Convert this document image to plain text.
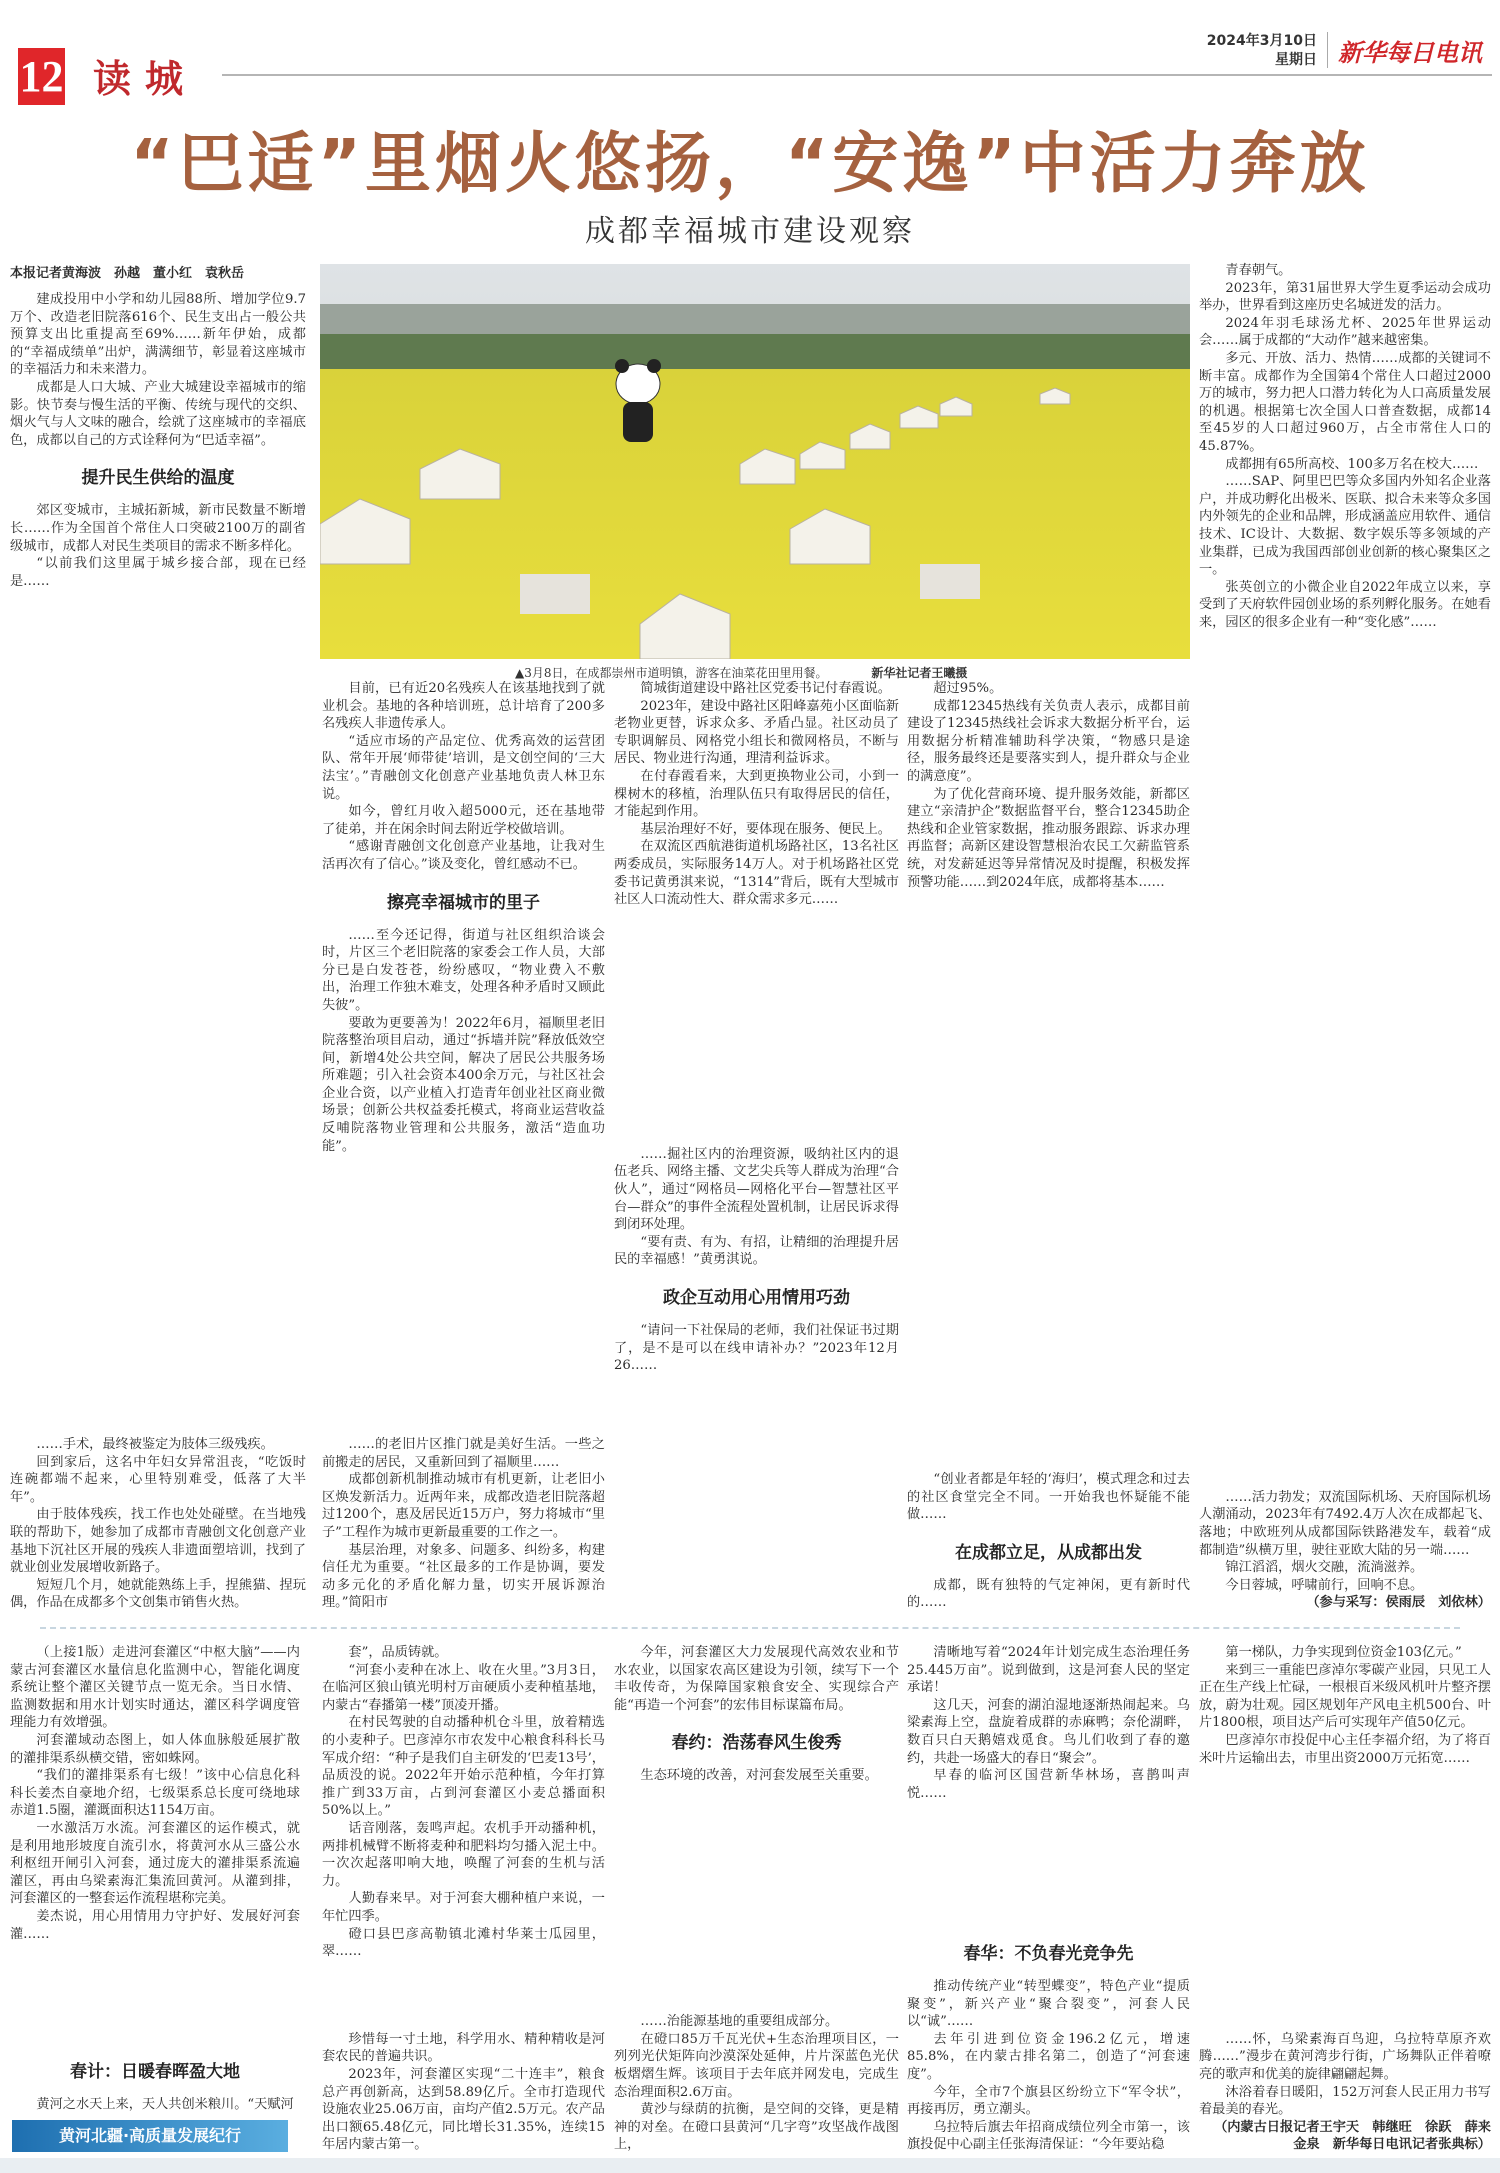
12 读城
2024年3月10日
星期日 新华每日电讯
“巴适”里烟火悠扬，“安逸”中活力奔放
成都幸福城市建设观察
▲3月8日，在成都崇州市道明镇，游客在油菜花田里用餐。	新华社记者王曦摄

本报记者黄海波　孙越　董小红　袁秋岳

建成投用中小学和幼儿园88所、增加学位9.7万个、改造老旧院落616个、民生支出占一般公共预算支出比重提高至69%……新年伊始，成都的“幸福成绩单”出炉，满满细节，彰显着这座城市的幸福活力和未来潜力。

成都是人口大城、产业大城建设幸福城市的缩影。快节奏与慢生活的平衡、传统与现代的交织、烟火气与人文味的融合，绘就了这座城市的幸福底色，成都以自己的方式诠释何为“巴适幸福”。

提升民生供给的温度

郊区变城市，主城拓新城，新市民数量不断增长……作为全国首个常住人口突破2100万的副省级城市，成都人对民生类项目的需求不断多样化。

“以前我们这里属于城乡接合部，现在已经是……

……手术，最终被鉴定为肢体三级残疾。

回到家后，这名中年妇女异常沮丧，“吃饭时连碗都端不起来，心里特别难受，低落了大半年”。

由于肢体残疾，找工作也处处碰壁。在当地残联的帮助下，她参加了成都市青融创文化创意产业基地下沉社区开展的残疾人非遗面塑培训，找到了就业创业发展增收新路子。

短短几个月，她就能熟练上手，捏熊猫、捏玩偶，作品在成都多个文创集市销售火热。

目前，已有近20名残疾人在该基地找到了就业机会。基地的各种培训班，总计培育了200多名残疾人非遗传承人。

“适应市场的产品定位、优秀高效的运营团队、常年开展‘师带徒’培训，是文创空间的‘三大法宝’。”青融创文化创意产业基地负责人林卫东说。

如今，曾红月收入超5000元，还在基地带了徒弟，并在闲余时间去附近学校做培训。

“感谢青融创文化创意产业基地，让我对生活再次有了信心。”谈及变化，曾红感动不已。

擦亮幸福城市的里子

……至今还记得，街道与社区组织洽谈会时，片区三个老旧院落的家委会工作人员，大部分已是白发苍苍，纷纷感叹，“物业费入不敷出，治理工作独木难支，处理各种矛盾时又顾此失彼”。

要敢为更要善为！2022年6月，福顺里老旧院落整治项目启动，通过“拆墙并院”释放低效空间，新增4处公共空间，解决了居民公共服务场所难题；引入社会资本400余万元，与社区社会企业合资，以产业植入打造青年创业社区商业微场景；创新公共权益委托模式，将商业运营收益反哺院落物业管理和公共服务，激活“造血功能”。

……的老旧片区推门就是美好生活。一些之前搬走的居民，又重新回到了福顺里……

成都创新机制推动城市有机更新，让老旧小区焕发新活力。近两年来，成都改造老旧院落超过1200个，惠及居民近15万户，努力将城市“里子”工程作为城市更新最重要的工作之一。

基层治理，对象多、问题多、纠纷多，构建信任尤为重要。“社区最多的工作是协调，要发动多元化的矛盾化解力量，切实开展诉源治理。”简阳市

简城街道建设中路社区党委书记付春霞说。

2023年，建设中路社区阳峰嘉苑小区面临新老物业更替，诉求众多、矛盾凸显。社区动员了专职调解员、网格党小组长和微网格员，不断与居民、物业进行沟通，理清利益诉求。

在付春霞看来，大到更换物业公司，小到一棵树木的移植，治理队伍只有取得居民的信任，才能起到作用。

基层治理好不好，要体现在服务、便民上。

在双流区西航港街道机场路社区，13名社区两委成员，实际服务14万人。对于机场路社区党委书记黄勇淇来说，“1314”背后，既有大型城市社区人口流动性大、群众需求多元……

……掘社区内的治理资源，吸纳社区内的退伍老兵、网络主播、文艺尖兵等人群成为治理“合伙人”，通过“网格员—网格化平台—智慧社区平台—群众”的事件全流程处置机制，让居民诉求得到闭环处理。

“要有责、有为、有招，让精细的治理提升居民的幸福感！”黄勇淇说。

政企互动用心用情用巧劲

“请问一下社保局的老师，我们社保证书过期了，是不是可以在线申请补办？”2023年12月26……

超过95%。

成都12345热线有关负责人表示，成都目前建设了12345热线社会诉求大数据分析平台，运用数据分析精准辅助科学决策，“物感只是途径，服务最终还是要落实到人，提升群众与企业的满意度”。

为了优化营商环境、提升服务效能，新都区建立“亲清护企”数据监督平台，整合12345助企热线和企业管家数据，推动服务跟踪、诉求办理再监督；高新区建设智慧根治农民工欠薪监管系统，对发薪延迟等异常情况及时提醒，积极发挥预警功能……到2024年底，成都将基本……

“创业者都是年轻的‘海归’，模式理念和过去的社区食堂完全不同。一开始我也怀疑能不能做……

在成都立足，从成都出发

成都，既有独特的气定神闲，更有新时代的……

青春朝气。

2023年，第31届世界大学生夏季运动会成功举办，世界看到这座历史名城迸发的活力。

2024年羽毛球汤尤杯、2025年世界运动会……属于成都的“大动作”越来越密集。

多元、开放、活力、热情……成都的关键词不断丰富。成都作为全国第4个常住人口超过2000万的城市，努力把人口潜力转化为人口高质量发展的机遇。根据第七次全国人口普查数据，成都14至45岁的人口超过960万，占全市常住人口的45.87%。

成都拥有65所高校、100多万名在校大……

……SAP、阿里巴巴等众多国内外知名企业落户，并成功孵化出极米、医联、拟合未来等众多国内外领先的企业和品牌，形成涵盖应用软件、通信技术、IC设计、大数据、数字娱乐等多领域的产业集群，已成为我国西部创业创新的核心聚集区之一。

张英创立的小微企业自2022年成立以来，享受到了天府软件园创业场的系列孵化服务。在她看来，园区的很多企业有一种“变化感”……

……活力勃发；双流国际机场、天府国际机场人潮涌动，2023年有7492.4万人次在成都起飞、落地；中欧班列从成都国际铁路港发车，载着“成都制造”纵横万里，驶往亚欧大陆的另一端……

锦江滔滔，烟火交融，流淌滋养。

今日蓉城，呼啸前行，回响不息。

（参与采写：侯雨辰　刘依林）

（上接1版）走进河套灌区“中枢大脑”——内蒙古河套灌区水量信息化监测中心，智能化调度系统让整个灌区关键节点一览无余。当日水情、监测数据和用水计划实时通达，灌区科学调度管理能力有效增强。

河套灌域动态图上，如人体血脉般延展扩散的灌排渠系纵横交错，密如蛛网。

“我们的灌排渠系有七级！”该中心信息化科科长姜杰自豪地介绍，七级渠系总长度可绕地球赤道1.5圈，灌溉面积达1154万亩。

一水激活万水流。河套灌区的运作模式，就是利用地形坡度自流引水，将黄河水从三盛公水利枢纽开闸引入河套，通过庞大的灌排渠系流遍灌区，再由乌梁素海汇集流回黄河。从灌到排，河套灌区的一整套运作流程堪称完美。

姜杰说，用心用情用力守护好、发展好河套灌……

春计：日暖春晖盈大地

黄河之水天上来，天人共创米粮川。“天赋河

套”，品质铸就。

“河套小麦种在冰上、收在火里。”3月3日，在临河区狼山镇光明村万亩硬质小麦种植基地，内蒙古“春播第一楼”顶凌开播。

在村民驾驶的自动播种机仓斗里，放着精选的小麦种子。巴彦淖尔市农发中心粮食科科长马军成介绍：“种子是我们自主研发的‘巴麦13号’，品质没的说。2022年开始示范种植，今年打算推广到33万亩，占到河套灌区小麦总播面积50%以上。”

话音刚落，轰鸣声起。农机手开动播种机，两排机械臂不断将麦种和肥料均匀播入泥土中。一次次起落叩响大地，唤醒了河套的生机与活力。

人勤春来早。对于河套大棚种植户来说，一年忙四季。

磴口县巴彦高勒镇北滩村华莱士瓜园里，翠……

珍惜每一寸土地，科学用水、精种精收是河套农民的普遍共识。

2023年，河套灌区实现“二十连丰”，粮食总产再创新高，达到58.89亿斤。全市打造现代设施农业25.06万亩，亩均产值2.5万元。农产品出口额65.48亿元，同比增长31.35%，连续15年居内蒙古第一。

今年，河套灌区大力发展现代高效农业和节水农业，以国家农高区建设为引领，续写下一个丰收传奇，为保障国家粮食安全、实现综合产能“再造一个河套”的宏伟目标谋篇布局。

春约：浩荡春风生俊秀

生态环境的改善，对河套发展至关重要。

……治能源基地的重要组成部分。

在磴口85万千瓦光伏+生态治理项目区，一列列光伏矩阵向沙漠深处延伸，片片深蓝色光伏板熠熠生辉。该项目于去年底并网发电，完成生态治理面积2.6万亩。

黄沙与绿荫的抗衡，是空间的交锋，更是精神的对垒。在磴口县黄河“几字弯”攻坚战作战图上，

清晰地写着“2024年计划完成生态治理任务25.445万亩”。说到做到，这是河套人民的坚定承诺！

这几天，河套的湖泊湿地逐渐热闹起来。乌梁素海上空，盘旋着成群的赤麻鸭；奈伦湖畔，数百只白天鹅嬉戏觅食。鸟儿们收到了春的邀约，共赴一场盛大的春日“聚会”。

早春的临河区国营新华林场，喜鹊叫声悦……

春华：不负春光竞争先

推动传统产业“转型蝶变”，特色产业“提质聚变”，新兴产业“聚合裂变”，河套人民以“诚”……

去年引进到位资金196.2亿元，增速85.8%，在内蒙古排名第二，创造了“河套速度”。

今年，全市7个旗县区纷纷立下“军令状”，再接再厉，勇立潮头。

乌拉特后旗去年招商成绩位列全市第一，该旗投促中心副主任张海清保证：“今年要站稳

第一梯队，力争实现到位资金103亿元。”

来到三一重能巴彦淖尔零碳产业园，只见工人正在生产线上忙碌，一根根百米级风机叶片整齐摆放，蔚为壮观。园区规划年产风电主机500台、叶片1800根，项目达产后可实现年产值50亿元。

巴彦淖尔市投促中心主任李福介绍，为了将百米叶片运输出去，市里出资2000万元拓宽……

……怀，乌梁素海百鸟迎，乌拉特草原齐欢腾……”漫步在黄河湾步行街，广场舞队正伴着嘹亮的歌声和优美的旋律翩翩起舞。

沐浴着春日暖阳，152万河套人民正用力书写着最美的春光。

（内蒙古日报记者王宇天　韩继旺　徐跃　薛来　金泉　新华每日电讯记者张典标）

黄河北疆·高质量发展纪行
